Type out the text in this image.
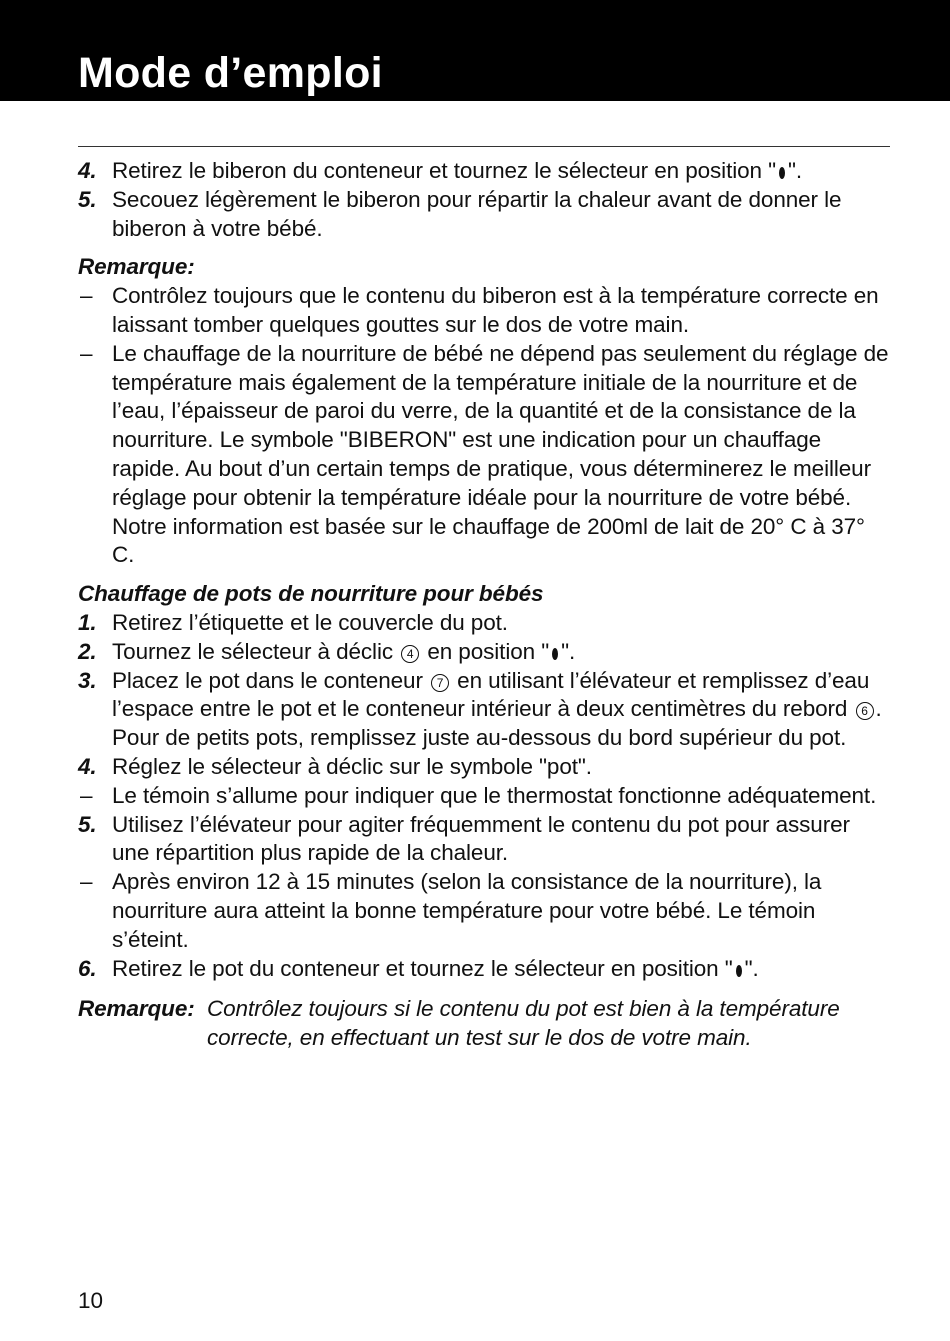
Mode d’emploi
4. Retirez le biberon du conteneur et tournez le sélecteur en position " ".
5. Secouez légèrement le biberon pour répartir la chaleur avant de donner le biberon à votre bébé.
Remarque:
– Contrôlez toujours que le contenu du biberon est à la température correcte en laissant tomber quelques gouttes sur le dos de votre main.
– Le chauffage de la nourriture de bébé ne dépend pas seulement du réglage de température mais également de la température initiale de la nourriture et de l’eau, l’épaisseur de paroi du verre, de la quantité et de la consistance de la nourriture. Le symbole "BIBERON" est une indication pour un chauffage rapide. Au bout d’un certain temps de pratique, vous déterminerez le meilleur réglage pour obtenir la température idéale pour la nourriture de votre bébé. Notre information est basée sur le chauffage de 200ml de lait de 20° C à 37° C.
Chauffage de pots de nourriture pour bébés
1. Retirez l’étiquette et le couvercle du pot.
2. Tournez le sélecteur à déclic 4 en position " ".
3. Placez le pot dans le conteneur 7 en utilisant l’élévateur et remplissez d’eau l’espace entre le pot et le conteneur intérieur à deux centimètres du rebord 6 . Pour de petits pots, remplissez juste au-dessous du bord supérieur du pot.
4. Réglez le sélecteur à déclic sur le symbole "pot".
– Le témoin s’allume pour indiquer que le thermostat fonctionne adéquatement.
5. Utilisez l’élévateur pour agiter fréquemment le contenu du pot pour assurer une répartition plus rapide de la chaleur.
– Après environ 12 à 15 minutes (selon la consistance de la nourriture), la nourriture aura atteint la bonne température pour votre bébé. Le témoin s’éteint.
6. Retirez le pot du conteneur et tournez le sélecteur en position " ".
Remarque: Contrôlez toujours si le contenu du pot est bien à la température correcte, en effectuant un test sur le dos de votre main.
10
